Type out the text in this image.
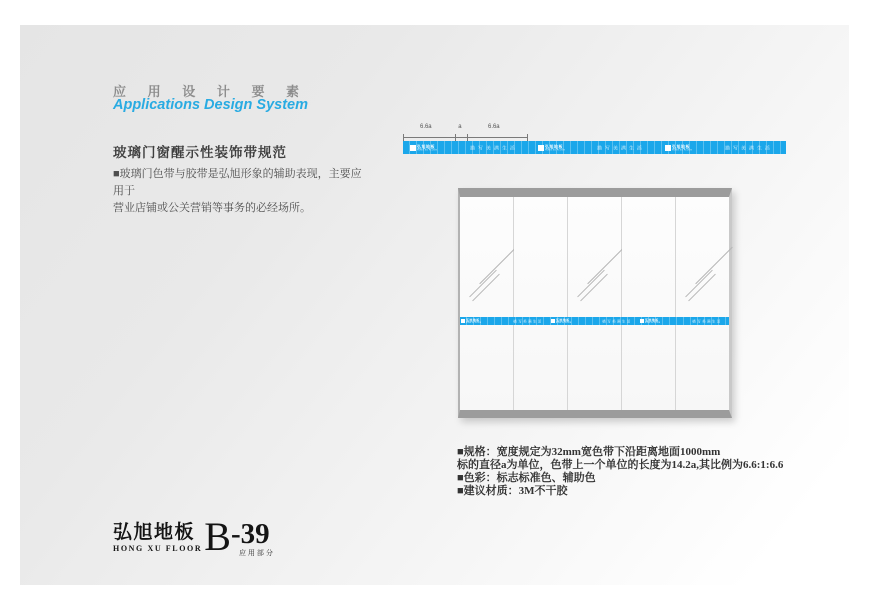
应 用 设 计 要 素
Applications Design System
玻璃门窗醒示性装饰带规范
■玻璃门色带与胶带是弘旭形象的辅助表现，主要应用于
营业店铺或公关营销等事务的必经场所。
6.6a	a	6.6a
弘旭地板
HONG XU FLOOR	描写美满生活
弘旭地板
HONG XU FLOOR	描写美满生活
弘旭地板
HONG XU FLOOR	描写美满生活
弘旭地板
HONG XU FLOOR	描写美满生活 弘旭地板
HONG XU FLOOR	描写美满生活 弘旭地板
HONG XU FLOOR	描写美满生活
■规格：宽度规定为32mm宽色带下沿距离地面1000mm
标的直径a为单位，色带上一个单位的长度为14.2a,其比例为6.6:1:6.6
■色彩：标志标准色、辅助色
■建议材质：3M不干胶
弘旭地板
HONG XU FLOOR B -39
应用部分
